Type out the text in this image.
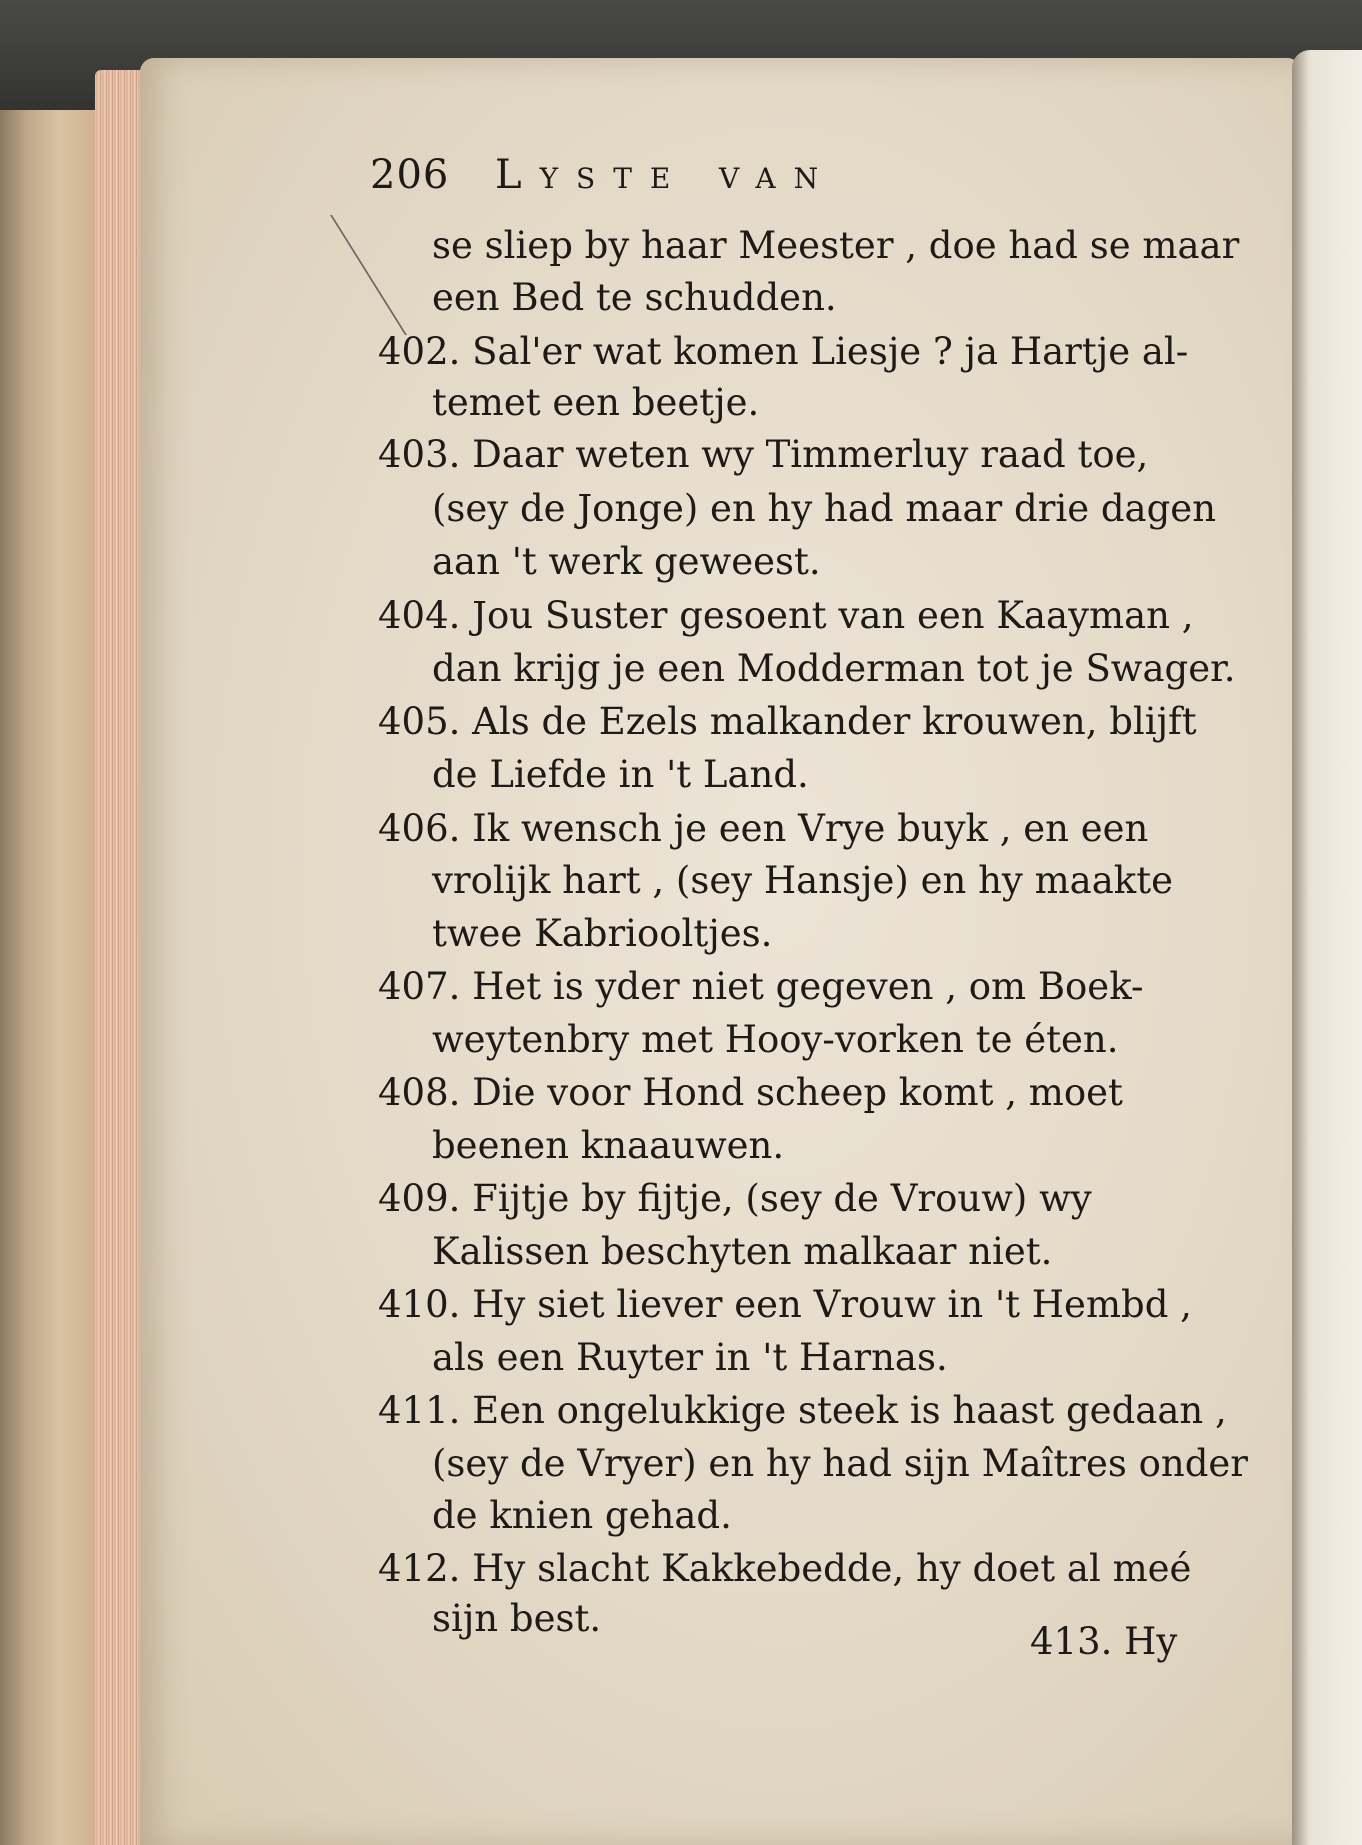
206 Lyste van
se sliep by haar Meester , doe had se maar
een Bed te schudden.
402. Sal'er wat komen Liesje ? ja Hartje al-
temet een beetje.
403. Daar weten wy Timmerluy raad toe,
(sey de Jonge) en hy had maar drie dagen
aan 't werk geweest.
404. Jou Suster gesoent van een Kaayman ,
dan krijg je een Modderman tot je Swager.
405. Als de Ezels malkander krouwen, blijft
de Liefde in 't Land.
406. Ik wensch je een Vrye buyk , en een
vrolijk hart , (sey Hansje) en hy maakte
twee Kabriooltjes.
407. Het is yder niet gegeven , om Boek-
weytenbry met Hooy-vorken te éten.
408. Die voor Hond scheep komt , moet
beenen knaauwen.
409. Fijtje by fijtje, (sey de Vrouw) wy
Kalissen beschyten malkaar niet.
410. Hy siet liever een Vrouw in 't Hembd ,
als een Ruyter in 't Harnas.
411. Een ongelukkige steek is haast gedaan ,
(sey de Vryer) en hy had sijn Maîtres onder
de knien gehad.
412. Hy slacht Kakkebedde, hy doet al meé
sijn best.
413. Hy
